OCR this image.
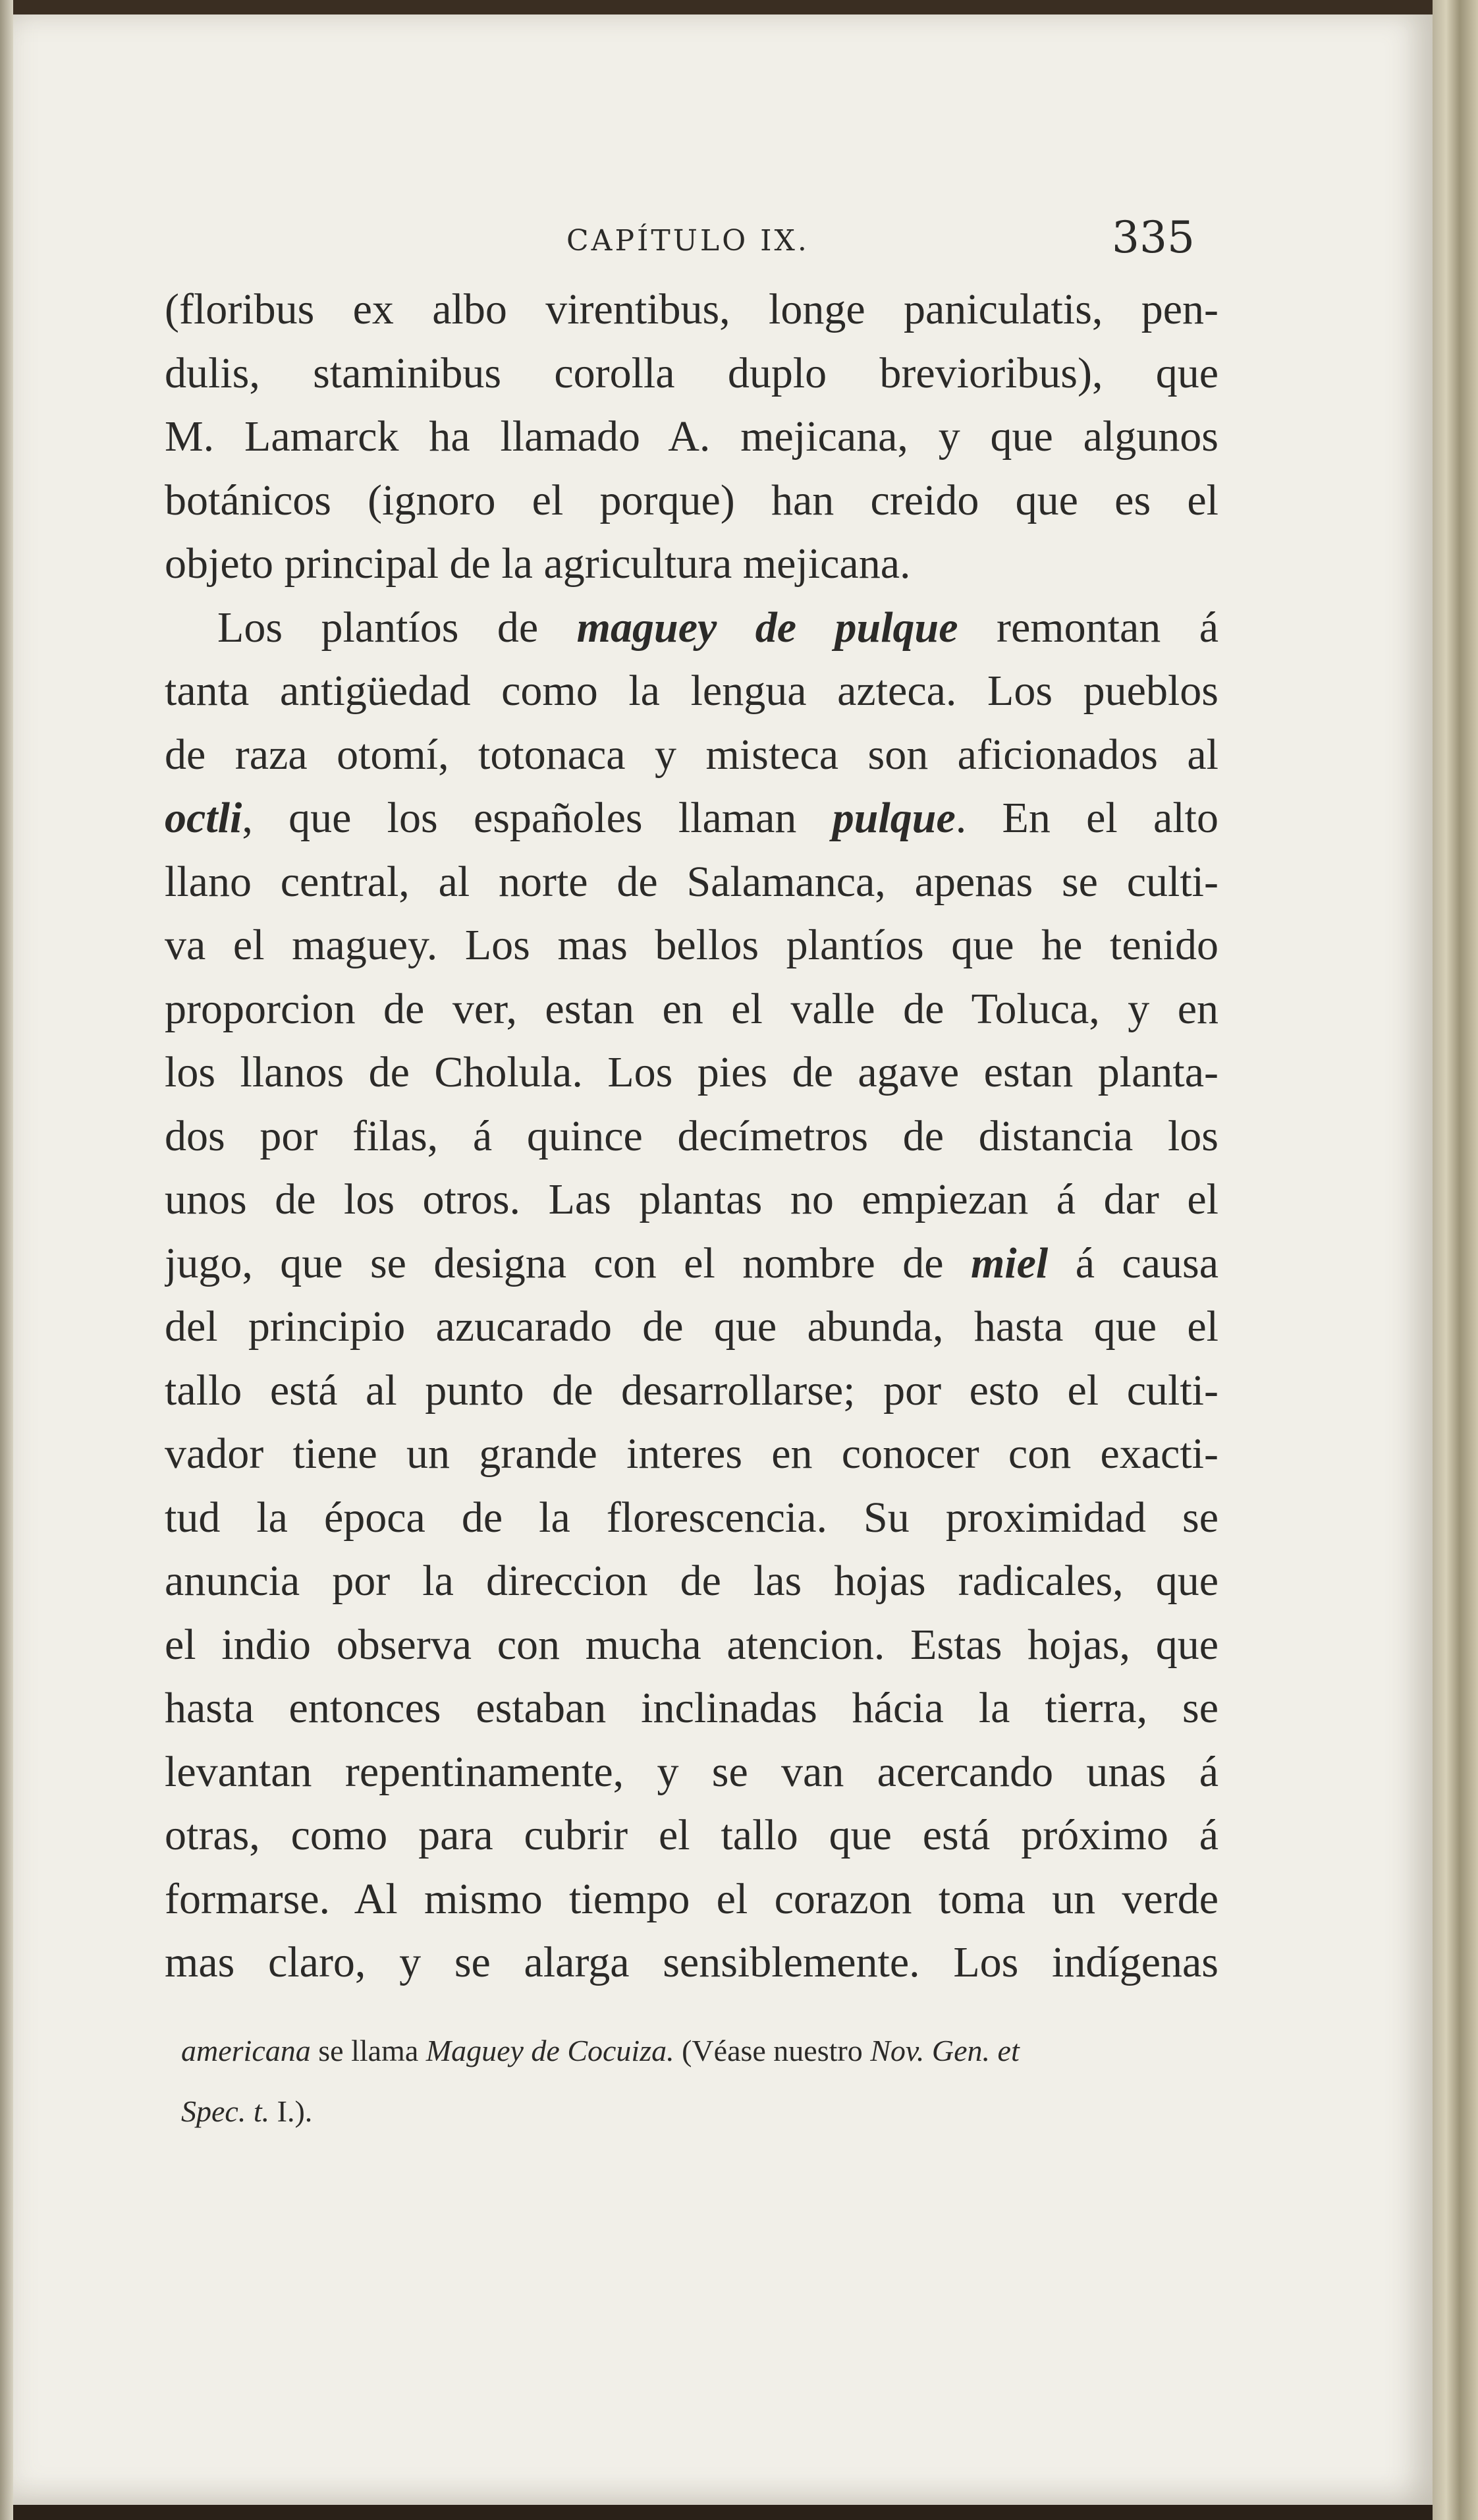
CAPÍTULO IX.	335
(floribus ex albo virentibus, longe paniculatis, pen-
dulis, staminibus corolla duplo brevioribus), que
M. Lamarck ha llamado A. mejicana, y que algunos
botánicos (ignoro el porque) han creido que es el
objeto principal de la agricultura mejicana.
Los plantíos de maguey de pulque remontan á
tanta antigüedad como la lengua azteca. Los pueblos
de raza otomí, totonaca y misteca son aficionados al
octli, que los españoles llaman pulque. En el alto
llano central, al norte de Salamanca, apenas se culti-
va el maguey. Los mas bellos plantíos que he tenido
proporcion de ver, estan en el valle de Toluca, y en
los llanos de Cholula. Los pies de agave estan planta-
dos por filas, á quince decímetros de distancia los
unos de los otros. Las plantas no empiezan á dar el
jugo, que se designa con el nombre de miel á causa
del principio azucarado de que abunda, hasta que el
tallo está al punto de desarrollarse; por esto el culti-
vador tiene un grande interes en conocer con exacti-
tud la época de la florescencia. Su proximidad se
anuncia por la direccion de las hojas radicales, que
el indio observa con mucha atencion. Estas hojas, que
hasta entonces estaban inclinadas hácia la tierra, se
levantan repentinamente, y se van acercando unas á
otras, como para cubrir el tallo que está próximo á
formarse. Al mismo tiempo el corazon toma un verde
mas claro, y se alarga sensiblemente. Los indígenas
americana se llama Maguey de Cocuiza. (Véase nuestro Nov. Gen. et
Spec. t. I.).
